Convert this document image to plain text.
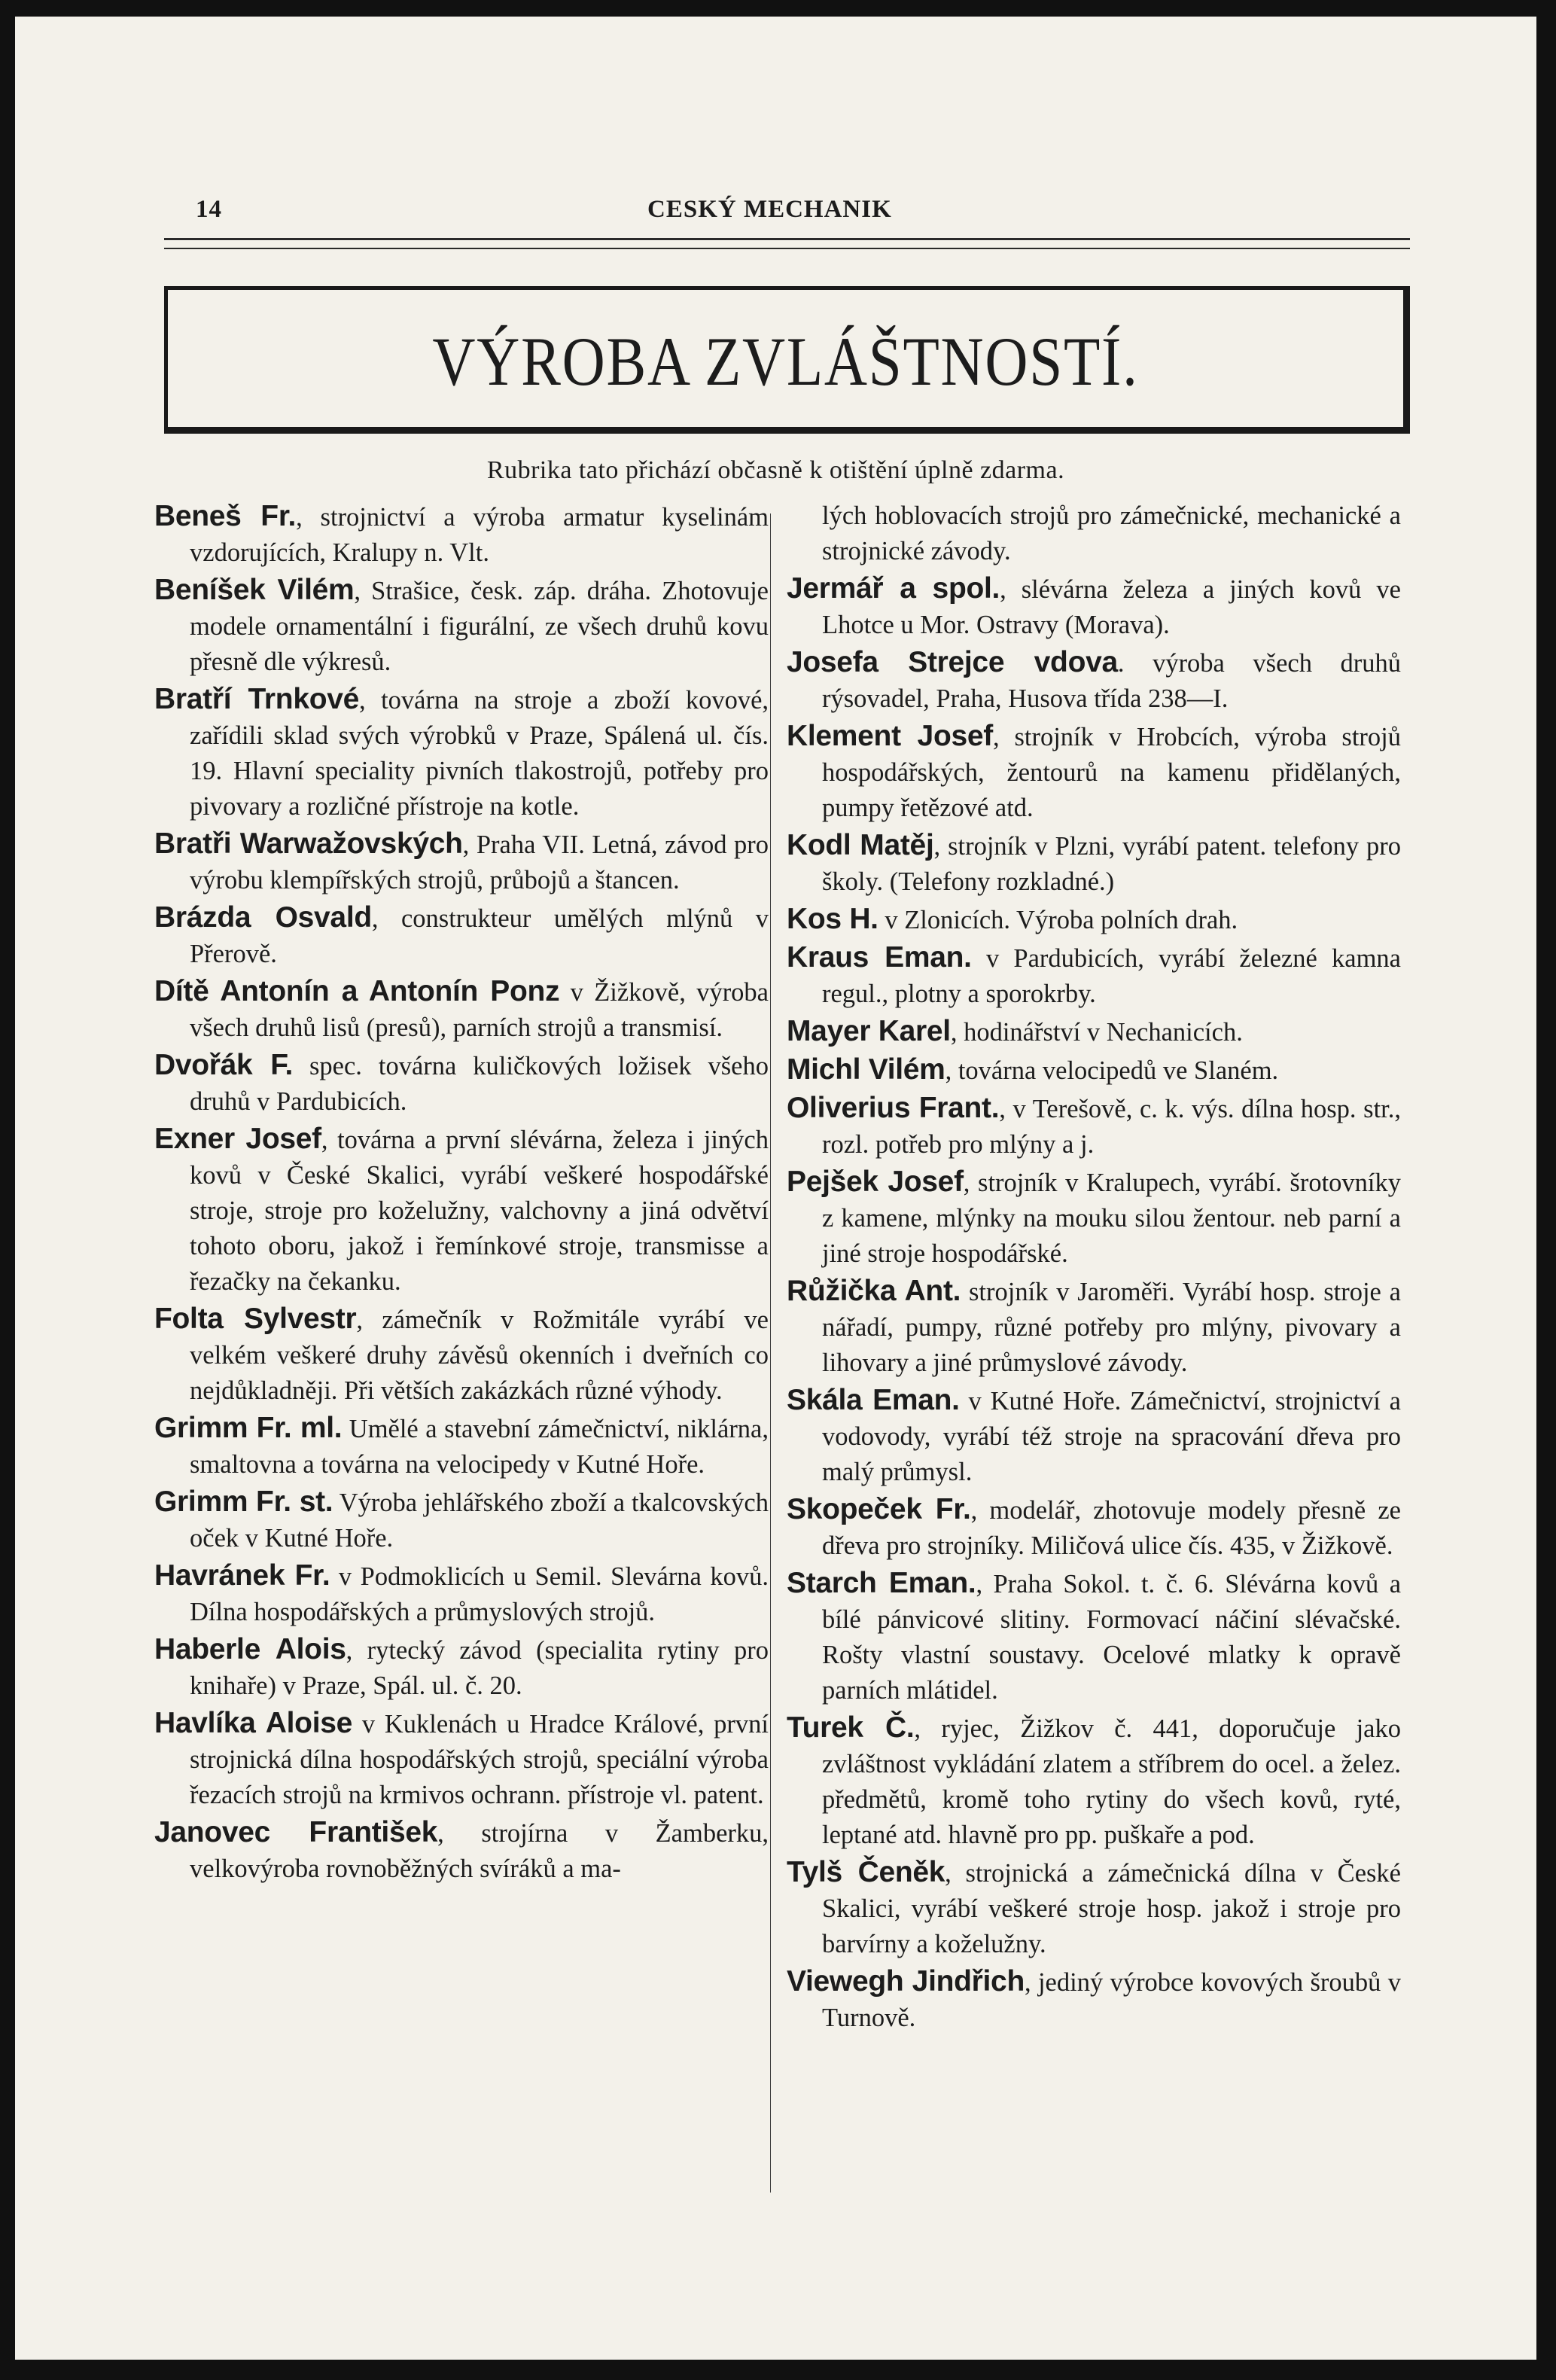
14	CESKÝ MECHANIK
VÝROBA ZVLÁŠTNOSTÍ.
Rubrika tato přichází občasně k otištění úplně zdarma.

Beneš Fr., strojnictví a výroba armatur kyselinám vzdorujících, Kralupy n. Vlt.

Beníšek Vilém, Strašice, česk. záp. dráha. Zhotovuje modele ornamentální i figurální, ze všech druhů kovu přesně dle výkresů.

Bratří Trnkové, továrna na stroje a zboží kovové, zařídili sklad svých výrobků v Praze, Spálená ul. čís. 19. Hlavní speciality pivních tlakostrojů, potřeby pro pivovary a rozličné přístroje na kotle.

Bratři Warwažovských, Praha VII. Letná, závod pro výrobu klempířských strojů, průbojů a štancen.

Brázda Osvald, construkteur umělých mlýnů v Přerově.

Dítě Antonín a Antonín Ponz v Žižkově, výroba všech druhů lisů (presů), parních strojů a transmisí.

Dvořák F. spec. továrna kuličkových ložisek všeho druhů v Pardubicích.

Exner Josef, továrna a první slévárna, železa i jiných kovů v České Skalici, vyrábí veškeré hospodářské stroje, stroje pro koželužny, valchovny a jiná odvětví tohoto oboru, jakož i řemínkové stroje, transmisse a řezačky na čekanku.

Folta Sylvestr, zámečník v Rožmitále vyrábí ve velkém veškeré druhy závěsů okenních i dveřních co nejdůkladněji. Při větších zakázkách různé výhody.

Grimm Fr. ml. Umělé a stavební zámečnictví, niklárna, smaltovna a továrna na velocipedy v Kutné Hoře.

Grimm Fr. st. Výroba jehlářského zboží a tkalcovských oček v Kutné Hoře.

Havránek Fr. v Podmoklicích u Semil. Slevárna kovů. Dílna hospodářských a průmyslových strojů.

Haberle Alois, rytecký závod (specialita rytiny pro knihaře) v Praze, Spál. ul. č. 20.

Havlíka Aloise v Kuklenách u Hradce Králové, první strojnická dílna hospodářských strojů, speciální výroba řezacích strojů na krmivos ochrann. přístroje vl. patent.

Janovec František, strojírna v Žamberku, velkovýroba rovnoběžných svíráků a ma-

lých hoblovacích strojů pro zámečnické, mechanické a strojnické závody.

Jermář a spol., slévárna železa a jiných kovů ve Lhotce u Mor. Ostravy (Morava).

Josefa Strejce vdova. výroba všech druhů rýsovadel, Praha, Husova třída 238—I.

Klement Josef, strojník v Hrobcích, výroba strojů hospodářských, žentourů na kamenu přidělaných, pumpy řetězové atd.

Kodl Matěj, strojník v Plzni, vyrábí patent. telefony pro školy. (Telefony rozkladné.)

Kos H. v Zlonicích. Výroba polních drah.

Kraus Eman. v Pardubicích, vyrábí železné kamna regul., plotny a sporokrby.

Mayer Karel, hodinářství v Nechanicích.

Michl Vilém, továrna velocipedů ve Slaném.

Oliverius Frant., v Terešově, c. k. výs. dílna hosp. str., rozl. potřeb pro mlýny a j.

Pejšek Josef, strojník v Kralupech, vyrábí. šrotovníky z kamene, mlýnky na mouku silou žentour. neb parní a jiné stroje hospodářské.

Růžička Ant. strojník v Jaroměři. Vyrábí hosp. stroje a nářadí, pumpy, různé potřeby pro mlýny, pivovary a lihovary a jiné průmyslové závody.

Skála Eman. v Kutné Hoře. Zámečnictví, strojnictví a vodovody, vyrábí též stroje na spracování dřeva pro malý průmysl.

Skopeček Fr., modelář, zhotovuje modely přesně ze dřeva pro strojníky. Miličová ulice čís. 435, v Žižkově.

Starch Eman., Praha Sokol. t. č. 6. Slévárna kovů a bílé pánvicové slitiny. Formovací náčiní slévačské. Rošty vlastní soustavy. Ocelové mlatky k opravě parních mlátidel.

Turek Č., ryjec, Žižkov č. 441, doporučuje jako zvláštnost vykládání zlatem a stříbrem do ocel. a želez. předmětů, kromě toho rytiny do všech kovů, ryté, leptané atd. hlavně pro pp. puškaře a pod.

Tylš Čeněk, strojnická a zámečnická dílna v České Skalici, vyrábí veškeré stroje hosp. jakož i stroje pro barvírny a koželužny.

Viewegh Jindřich, jediný výrobce kovových šroubů v Turnově.
